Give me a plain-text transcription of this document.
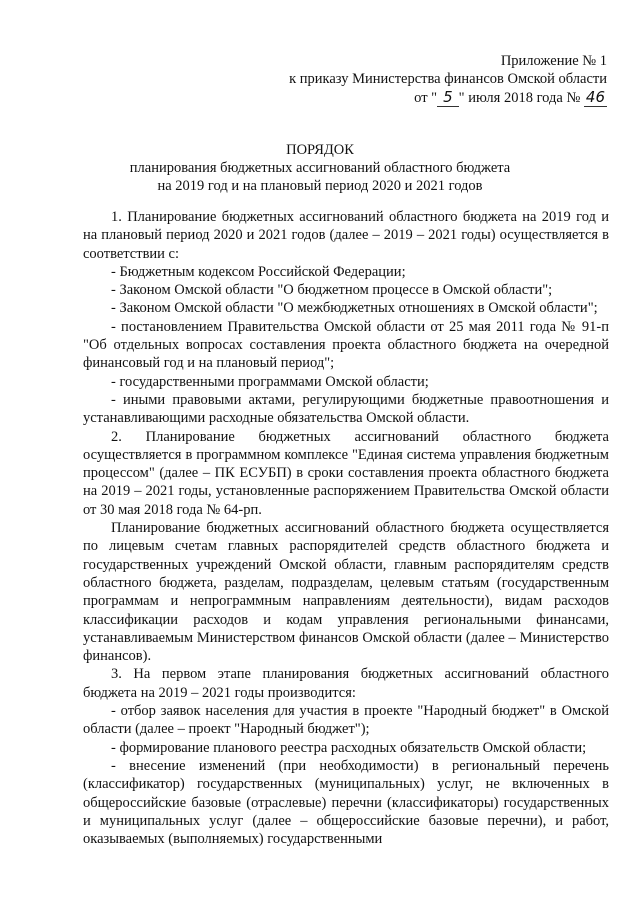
Приложение № 1
к приказу Министерства финансов Омской области
от " 5 " июля 2018 года № 46
ПОРЯДОК
планирования бюджетных ассигнований областного бюджета
на 2019 год и на плановый период 2020 и 2021 годов

1. Планирование бюджетных ассигнований областного бюджета на 2019 год и на плановый период 2020 и 2021 годов (далее – 2019 – 2021 годы) осуществляется в соответствии с:

- Бюджетным кодексом Российской Федерации;

- Законом Омской области "О бюджетном процессе в Омской области";

- Законом Омской области "О межбюджетных отношениях в Омской области";

- постановлением Правительства Омской области от 25 мая 2011 года № 91-п "Об отдельных вопросах составления проекта областного бюджета на очередной финансовый год и на плановый период";

- государственными программами Омской области;

- иными правовыми актами, регулирующими бюджетные правоотношения и устанавливающими расходные обязательства Омской области.

2. Планирование бюджетных ассигнований областного бюджета осуществляется в программном комплексе "Единая система управления бюджетным процессом" (далее – ПК ЕСУБП) в сроки составления проекта областного бюджета на 2019 – 2021 годы, установленные распоряжением Правительства Омской области от 30 мая 2018 года № 64-рп.

Планирование бюджетных ассигнований областного бюджета осуществляется по лицевым счетам главных распорядителей средств областного бюджета и государственных учреждений Омской области, главным распорядителям средств областного бюджета, разделам, подразделам, целевым статьям (государственным программам и непрограммным направлениям деятельности), видам расходов классификации расходов и кодам управления региональными финансами, устанавливаемым Министерством финансов Омской области (далее – Министерство финансов).

3. На первом этапе планирования бюджетных ассигнований областного бюджета на 2019 – 2021 годы производится:

- отбор заявок населения для участия в проекте "Народный бюджет" в Омской области (далее – проект "Народный бюджет");

- формирование планового реестра расходных обязательств Омской области;

- внесение изменений (при необходимости) в региональный перечень (классификатор) государственных (муниципальных) услуг, не включенных в общероссийские базовые (отраслевые) перечни (классификаторы) государственных и муниципальных услуг (далее – общероссийские базовые перечни), и работ, оказываемых (выполняемых) государственными
